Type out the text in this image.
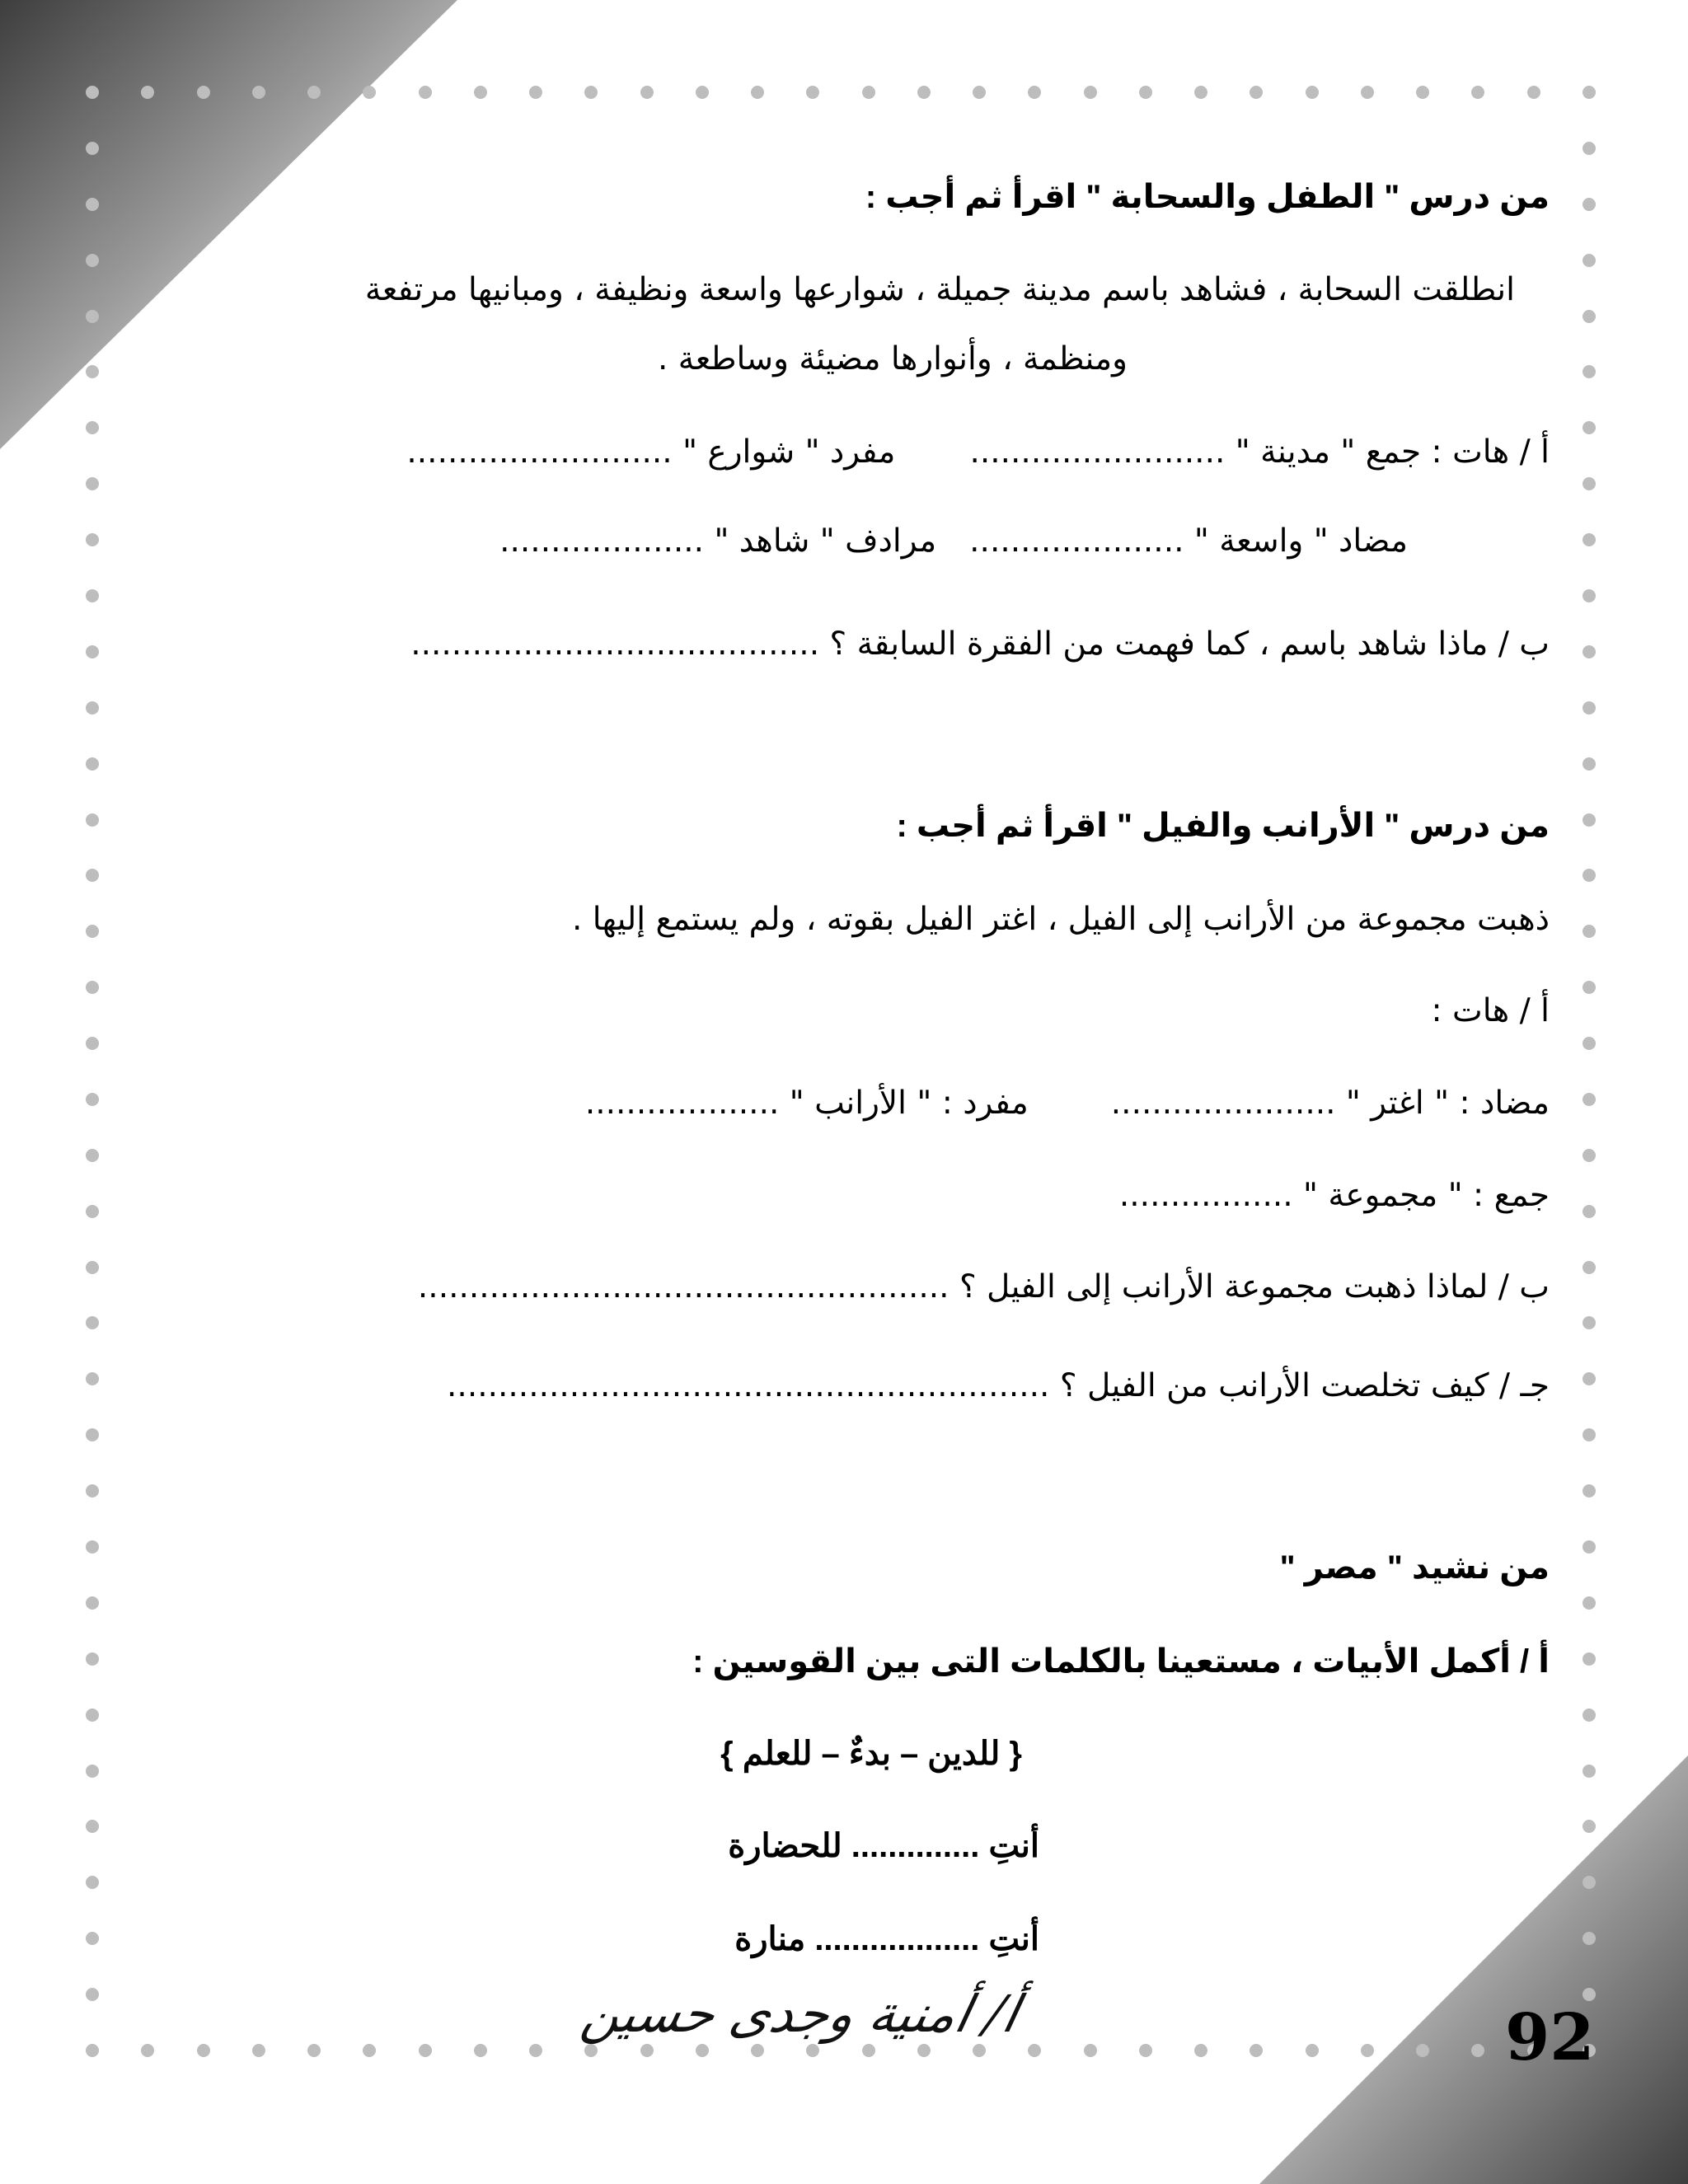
من درس " الطفل والسحابة " اقرأ ثم أجب :
انطلقت السحابة ، فشاهد باسم مدينة جميلة ، شوارعها واسعة ونظيفة ، ومبانيها مرتفعة
ومنظمة ، وأنوارها مضيئة وساطعة .
أ / هات : جمع " مدينة " .........................مفرد " شوارع " ..........................
مضاد " واسعة " .....................مرادف " شاهد " ....................
ب / ماذا شاهد باسم ، كما فهمت من الفقرة السابقة ؟ ........................................
من درس " الأرانب والفيل " اقرأ ثم أجب :
ذهبت مجموعة من الأرانب إلى الفيل ، اغتر الفيل بقوته ، ولم يستمع إليها .
أ / هات :
مضاد : " اغتر " ......................مفرد : " الأرانب " ...................
جمع : " مجموعة " .................
ب / لماذا ذهبت مجموعة الأرانب إلى الفيل ؟ ....................................................
جـ / كيف تخلصت الأرانب من الفيل ؟ ...........................................................
من نشيد " مصر "
أ / أكمل الأبيات ، مستعينا بالكلمات التى بين القوسين :
{ للدين – بدءٌ – للعلم }
أنتِ .............. للحضارة
أنتِ .................. منارة
أ/ أمنية وجدى حسين	92
